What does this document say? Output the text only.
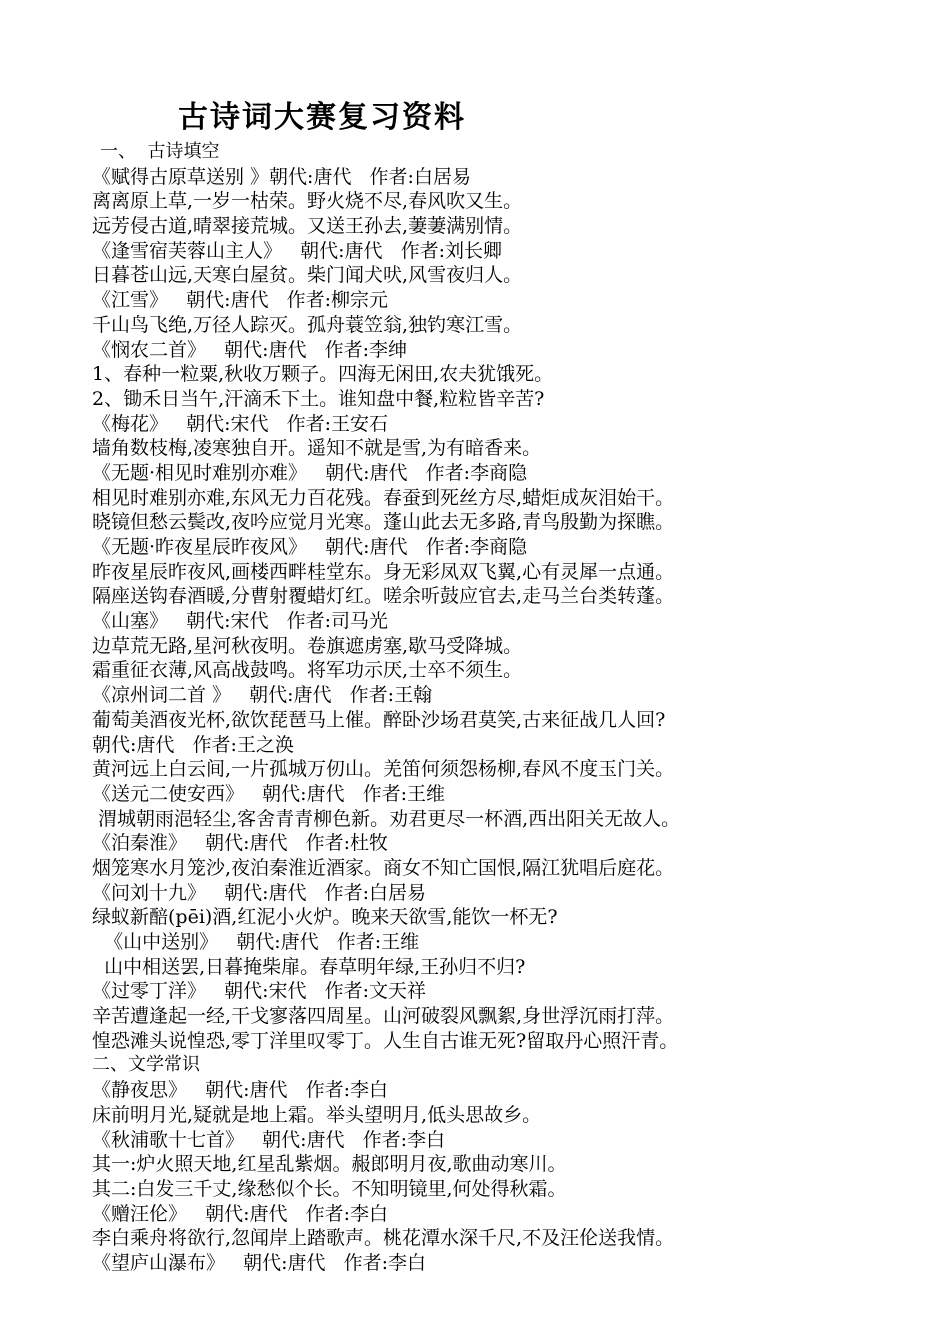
古诗词大赛复习资料
一、  古诗填空
《赋得古原草送别 》朝代:唐代   作者:白居易
离离原上草,一岁一枯荣。野火烧不尽,春风吹又生。
远芳侵古道,晴翠接荒城。又送王孙去,萋萋满别情。
《逢雪宿芙蓉山主人》   朝代:唐代   作者:刘长卿
日暮苍山远,天寒白屋贫。柴门闻犬吠,风雪夜归人。
《江雪》   朝代:唐代   作者:柳宗元
千山鸟飞绝,万径人踪灭。孤舟蓑笠翁,独钓寒江雪。
《悯农二首》   朝代:唐代   作者:李绅
1、春种一粒粟,秋收万颗子。四海无闲田,农夫犹饿死。
2、锄禾日当午,汗滴禾下土。谁知盘中餐,粒粒皆辛苦?
《梅花》   朝代:宋代   作者:王安石
墙角数枝梅,凌寒独自开。遥知不就是雪,为有暗香来。
《无题·相见时难别亦难》   朝代:唐代   作者:李商隐
相见时难别亦难,东风无力百花残。春蚕到死丝方尽,蜡炬成灰泪始干。
晓镜但愁云鬓改,夜吟应觉月光寒。蓬山此去无多路,青鸟殷勤为探瞧。
《无题·昨夜星辰昨夜风》   朝代:唐代   作者:李商隐
昨夜星辰昨夜风,画楼西畔桂堂东。身无彩凤双飞翼,心有灵犀一点通。
隔座送钩春酒暖,分曹射覆蜡灯红。嗟余听鼓应官去,走马兰台类转蓬。
《山塞》   朝代:宋代   作者:司马光
边草荒无路,星河秋夜明。卷旗遮虏塞,歇马受降城。
霜重征衣薄,风高战鼓鸣。将军功示厌,士卒不须生。
《凉州词二首 》   朝代:唐代   作者:王翰
葡萄美酒夜光杯,欲饮琵琶马上催。醉卧沙场君莫笑,古来征战几人回?
朝代:唐代   作者:王之涣
黄河远上白云间,一片孤城万仞山。羌笛何须怨杨柳,春风不度玉门关。
《送元二使安西》   朝代:唐代   作者:王维
渭城朝雨浥轻尘,客舍青青柳色新。劝君更尽一杯酒,西出阳关无故人。
《泊秦淮》   朝代:唐代   作者:杜牧
烟笼寒水月笼沙,夜泊秦淮近酒家。商女不知亡国恨,隔江犹唱后庭花。
《问刘十九》   朝代:唐代   作者:白居易
绿蚁新醅(pēi)酒,红泥小火炉。晚来天欲雪,能饮一杯无?
《山中送别》   朝代:唐代   作者:王维
山中相送罢,日暮掩柴扉。春草明年绿,王孙归不归?
《过零丁洋》   朝代:宋代   作者:文天祥
辛苦遭逢起一经,干戈寥落四周星。山河破裂风飘絮,身世浮沉雨打萍。
惶恐滩头说惶恐,零丁洋里叹零丁。人生自古谁无死?留取丹心照汗青。
二、文学常识
《静夜思》   朝代:唐代   作者:李白
床前明月光,疑就是地上霜。举头望明月,低头思故乡。
《秋浦歌十七首》   朝代:唐代   作者:李白
其一:炉火照天地,红星乱紫烟。赧郎明月夜,歌曲动寒川。
其二:白发三千丈,缘愁似个长。不知明镜里,何处得秋霜。
《赠汪伦》   朝代:唐代   作者:李白
李白乘舟将欲行,忽闻岸上踏歌声。桃花潭水深千尺,不及汪伦送我情。
《望庐山瀑布》   朝代:唐代   作者:李白
